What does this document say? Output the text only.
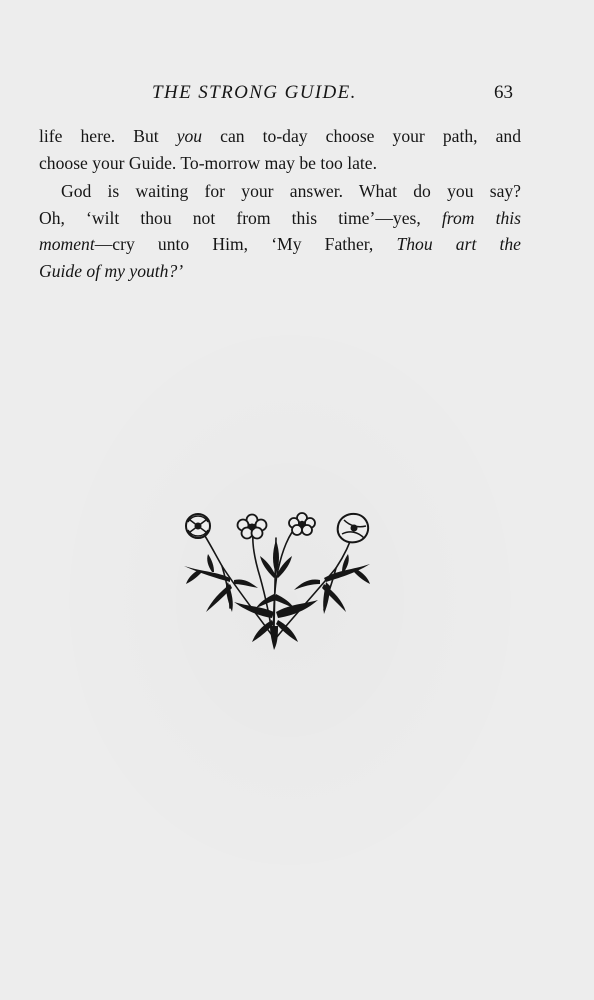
THE STRONG GUIDE.	63
life here. But you can to-day choose your path, and
choose your Guide. To-morrow may be too late.
God is waiting for your answer. What do you say?
Oh, ‘wilt thou not from this time’—yes, from this
moment—cry unto Him, ‘My Father, Thou art the
Guide of my youth?’
